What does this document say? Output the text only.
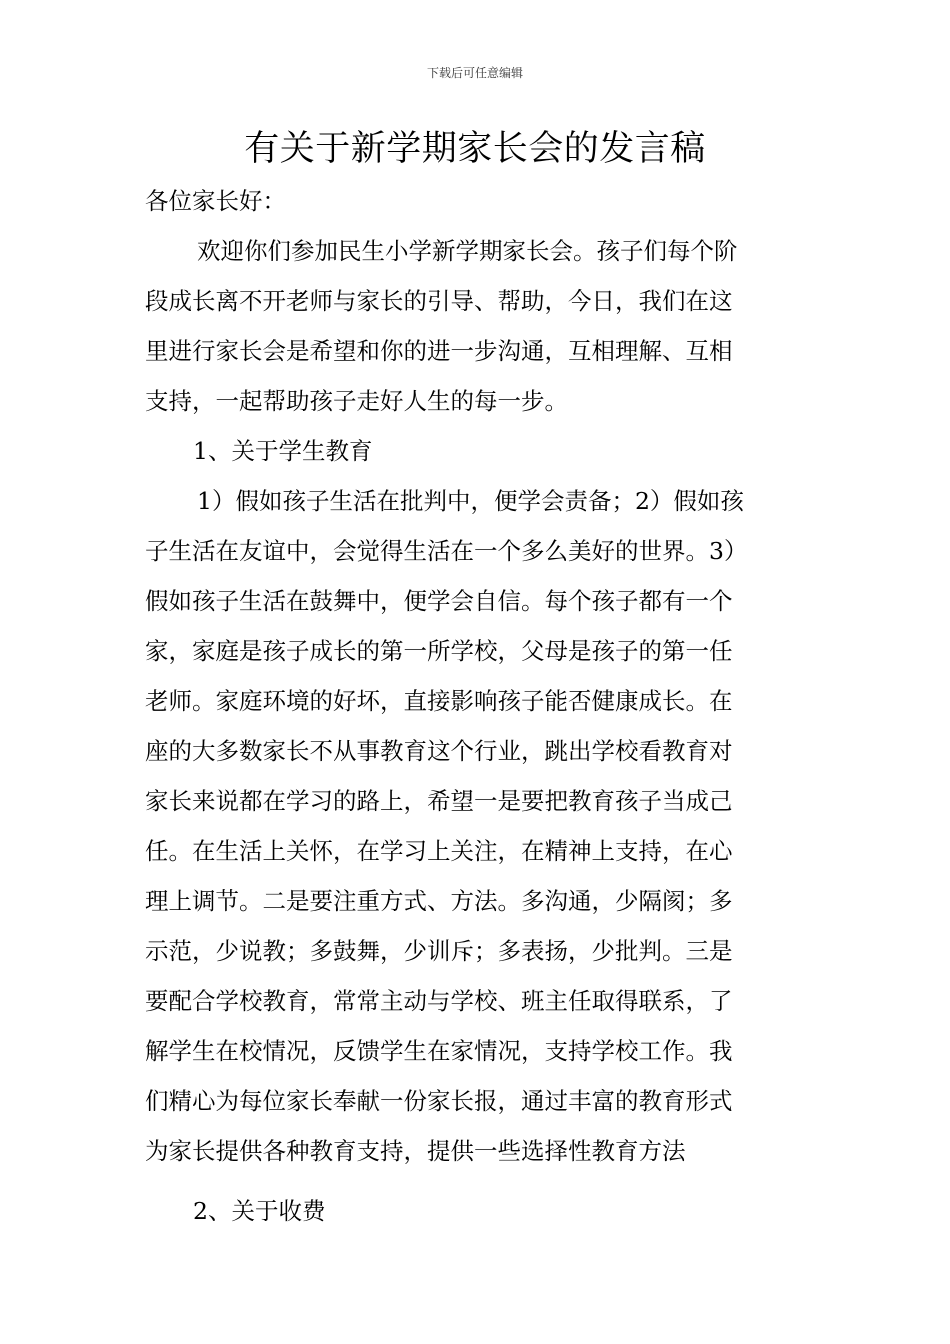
下载后可任意编辑
有关于新学期家长会的发言稿
各位家长好：
欢迎你们参加民生小学新学期家长会。孩子们每个阶
段成长离不开老师与家长的引导、帮助，今日，我们在这
里进行家长会是希望和你的进一步沟通，互相理解、互相
支持，一起帮助孩子走好人生的每一步。
1、关于学生教育
1）假如孩子生活在批判中，便学会责备；2）假如孩
子生活在友谊中，会觉得生活在一个多么美好的世界。3）
假如孩子生活在鼓舞中，便学会自信。每个孩子都有一个
家，家庭是孩子成长的第一所学校，父母是孩子的第一任
老师。家庭环境的好坏，直接影响孩子能否健康成长。在
座的大多数家长不从事教育这个行业，跳出学校看教育对
家长来说都在学习的路上，希望一是要把教育孩子当成己
任。在生活上关怀，在学习上关注，在精神上支持，在心
理上调节。二是要注重方式、方法。多沟通，少隔阂；多
示范，少说教；多鼓舞，少训斥；多表扬，少批判。三是
要配合学校教育，常常主动与学校、班主任取得联系，了
解学生在校情况，反馈学生在家情况，支持学校工作。我
们精心为每位家长奉献一份家长报，通过丰富的教育形式
为家长提供各种教育支持，提供一些选择性教育方法
2、关于收费
